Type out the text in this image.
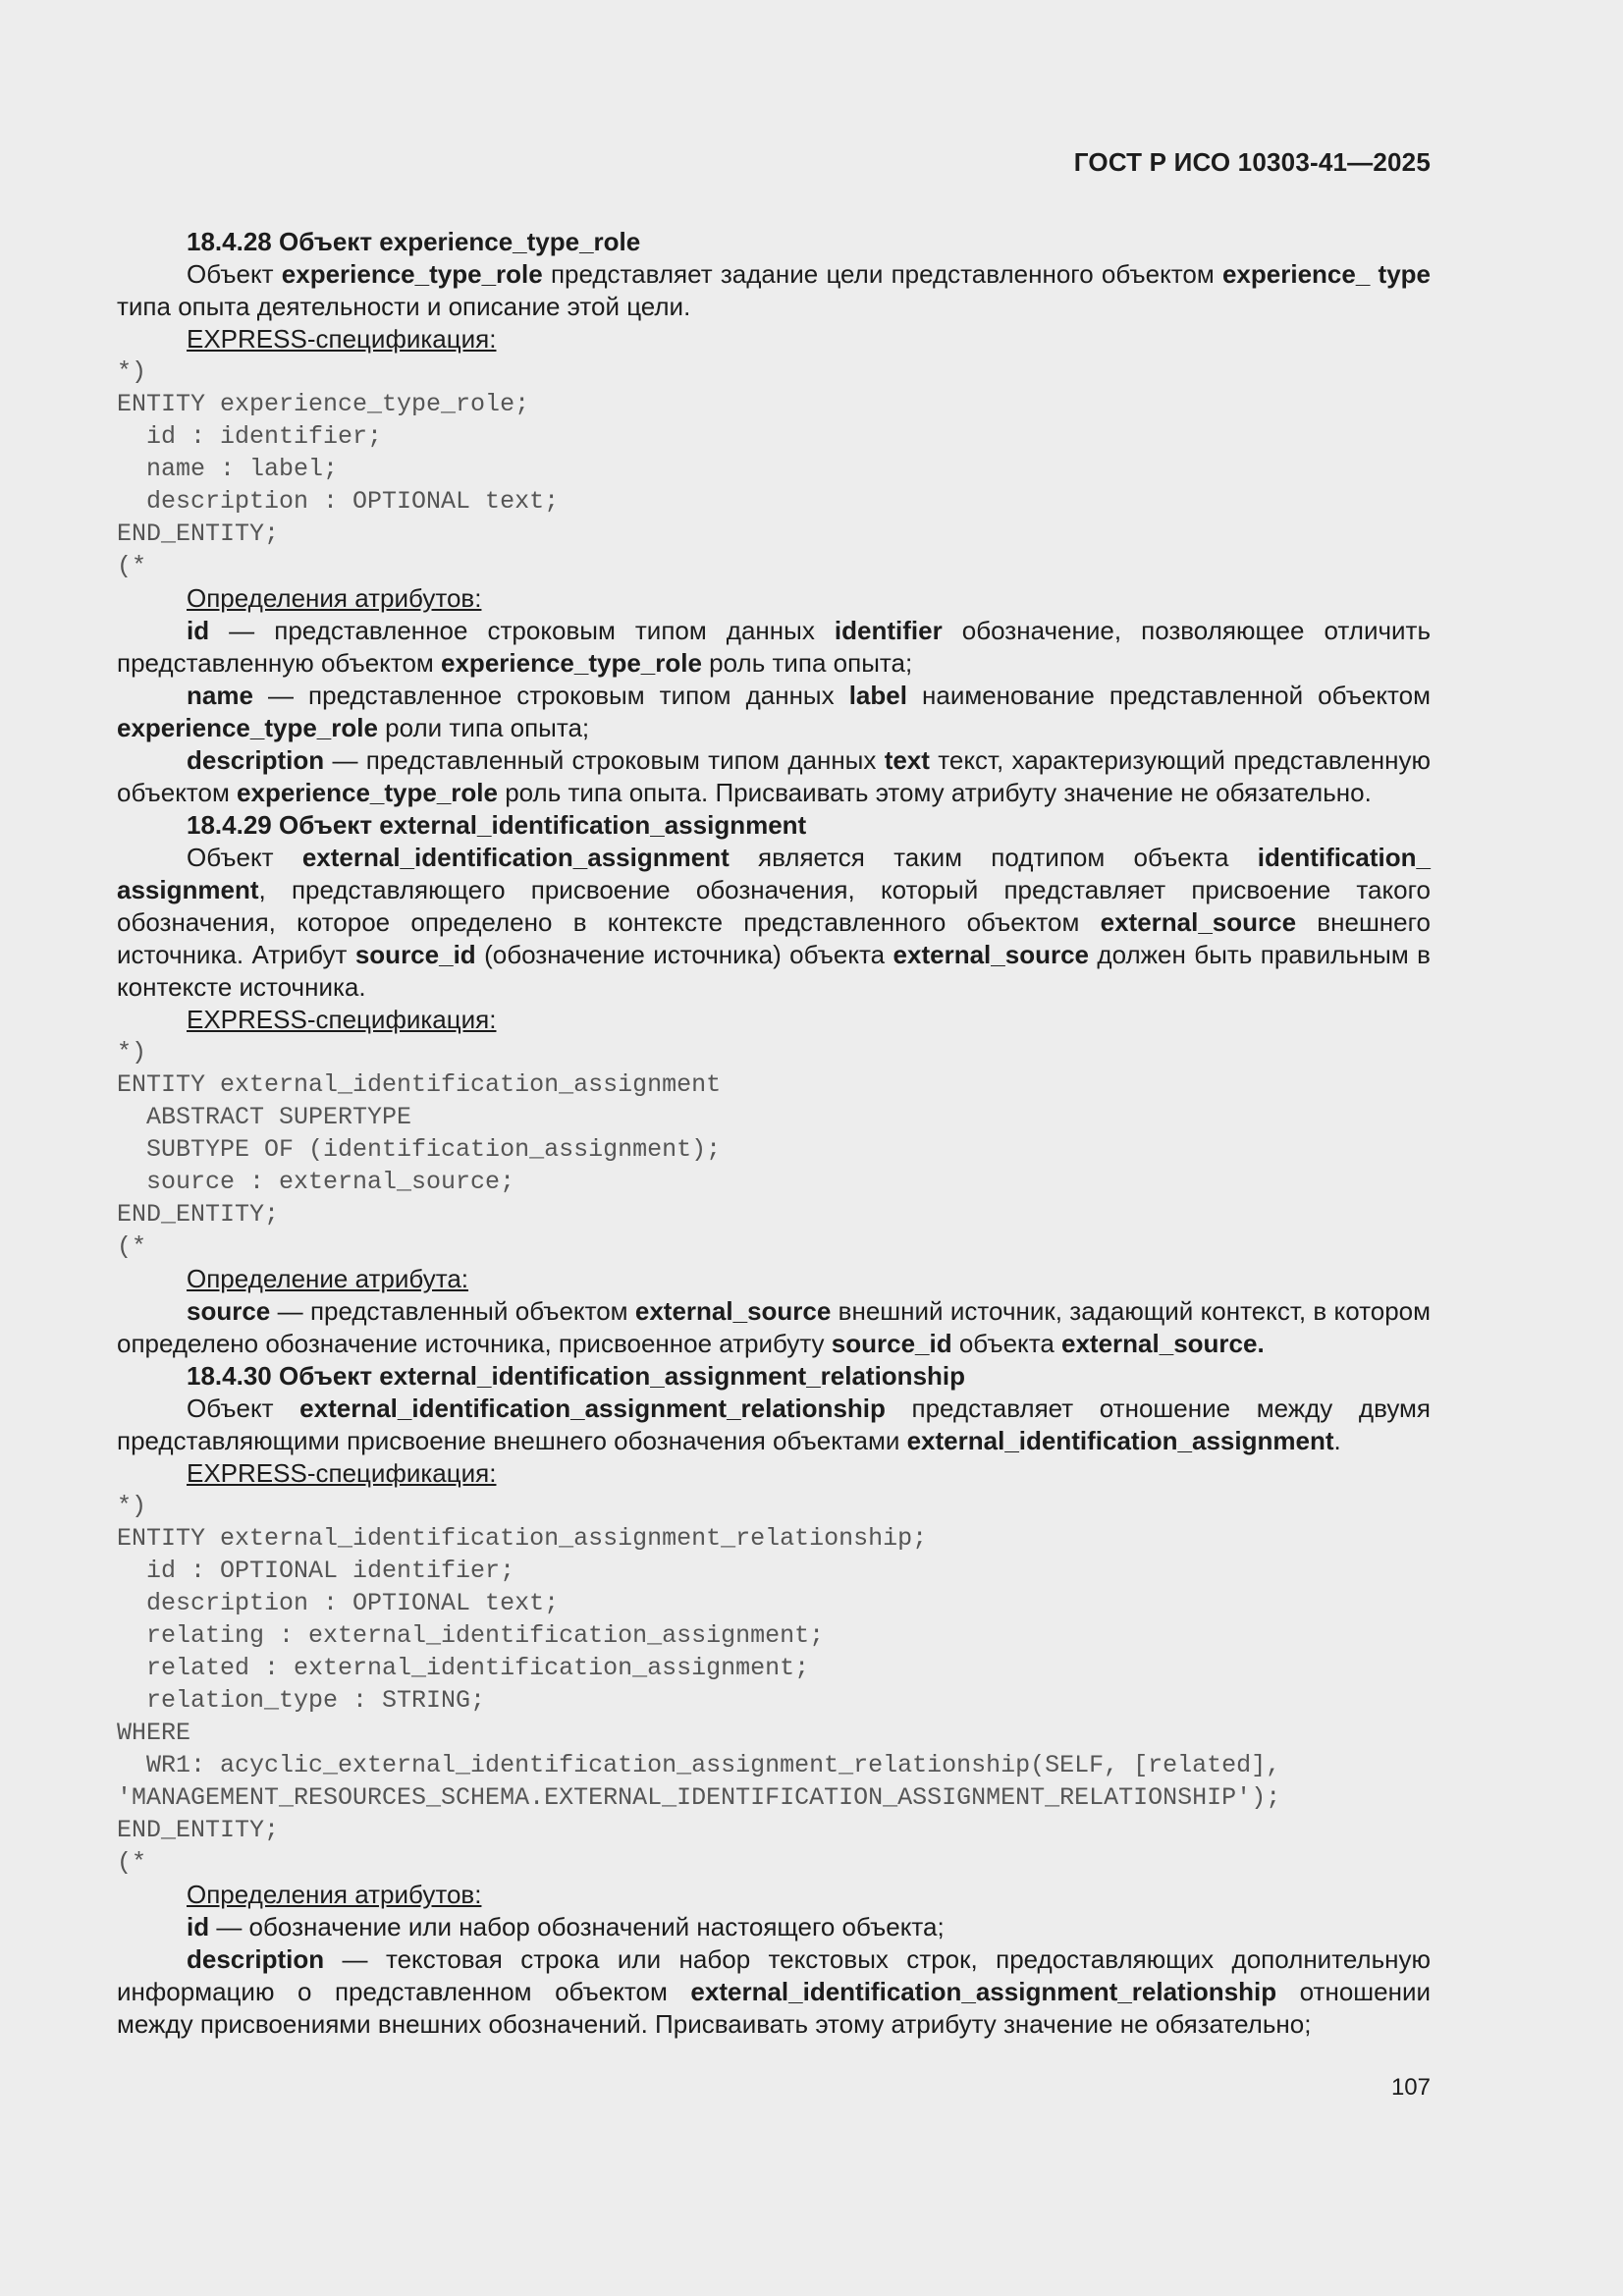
ГОСТ Р ИСО 10303-41—2025
18.4.28 Объект experience_type_role
Объект experience_type_role представляет задание цели представленного объектом experience_ type типа опыта деятельности и описание этой цели.
EXPRESS-спецификация:
*)
ENTITY experience_type_role;
id : identifier;
name : label;
description : OPTIONAL text;
END_ENTITY;
(*
Определения атрибутов:
id — представленное строковым типом данных identifier обозначение, позволяющее отличить представленную объектом experience_type_role роль типа опыта;
name — представленное строковым типом данных label наименование представленной объектом experience_type_role роли типа опыта;
description — представленный строковым типом данных text текст, характеризующий представленную объектом experience_type_role роль типа опыта. Присваивать этому атрибуту значение не обязательно.
18.4.29 Объект external_identification_assignment
Объект external_identification_assignment является таким подтипом объекта identification_ assignment, представляющего присвоение обозначения, который представляет присвоение такого обозначения, которое определено в контексте представленного объектом external_source внешнего источника. Атрибут source_id (обозначение источника) объекта external_source должен быть правильным в контексте источника.
EXPRESS-спецификация:
*)
ENTITY external_identification_assignment
ABSTRACT SUPERTYPE
SUBTYPE OF (identification_assignment);
source : external_source;
END_ENTITY;
(*
Определение атрибута:
source — представленный объектом external_source внешний источник, задающий контекст, в котором определено обозначение источника, присвоенное атрибуту source_id объекта external_source.
18.4.30 Объект external_identification_assignment_relationship
Объект external_identification_assignment_relationship представляет отношение между двумя представляющими присвоение внешнего обозначения объектами external_identification_assignment.
EXPRESS-спецификация:
*)
ENTITY external_identification_assignment_relationship;
id : OPTIONAL identifier;
description : OPTIONAL text;
relating : external_identification_assignment;
related : external_identification_assignment;
relation_type : STRING;
WHERE
WR1: acyclic_external_identification_assignment_relationship(SELF, [related],
'MANAGEMENT_RESOURCES_SCHEMA.EXTERNAL_IDENTIFICATION_ASSIGNMENT_RELATIONSHIP');
END_ENTITY;
(*
Определения атрибутов:
id — обозначение или набор обозначений настоящего объекта;
description — текстовая строка или набор текстовых строк, предоставляющих дополнительную информацию о представленном объектом external_identification_assignment_relationship отношении между присвоениями внешних обозначений. Присваивать этому атрибуту значение не обязательно;
107
